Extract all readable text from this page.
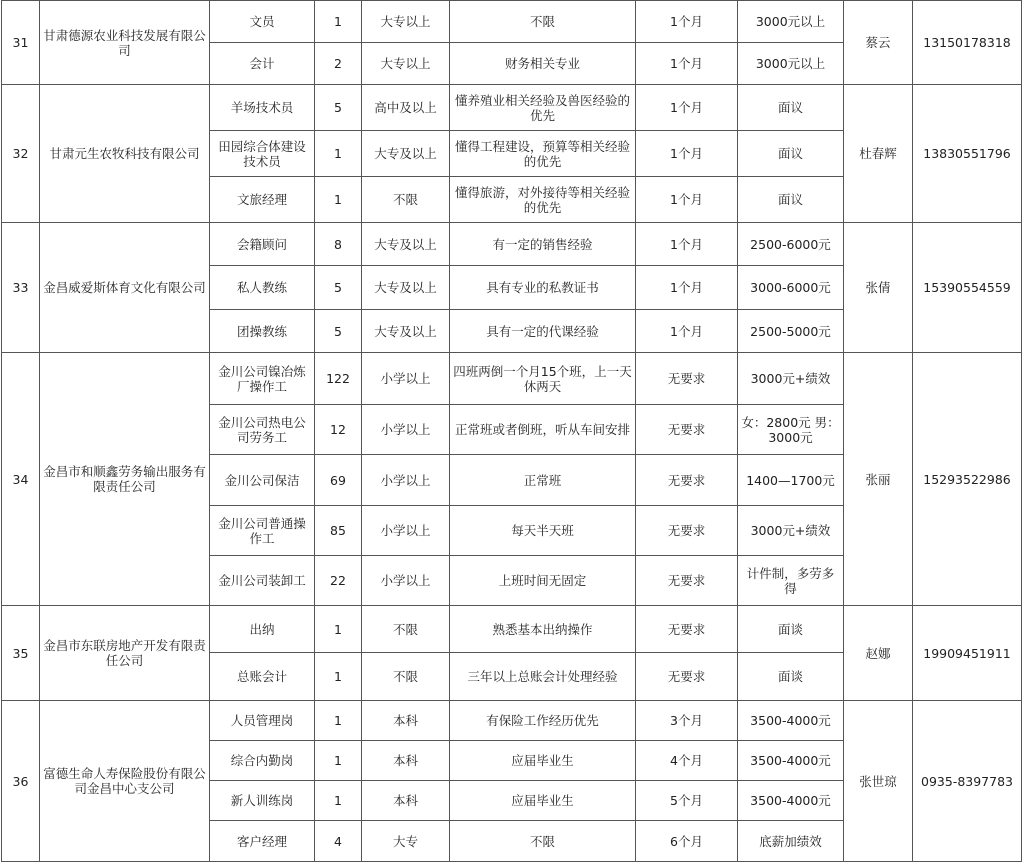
31	甘肃德源农业科技发展有限公司	文员	1	大专以上	不限	1个月	3000元以上	蔡云	13150178318
		会计	2	大专以上	财务相关专业	1个月	3000元以上		
32	甘肃元生农牧科技有限公司	羊场技术员	5	高中及以上	懂养殖业相关经验及兽医经验的优先	1个月	面议	杜春辉	13830551796
		田园综合体建设技术员	1	大专及以上	懂得工程建设，预算等相关经验的优先	1个月	面议		
		文旅经理	1	不限	懂得旅游，对外接待等相关经验的优先	1个月	面议		
33	金昌威爱斯体育文化有限公司	会籍顾问	8	大专及以上	有一定的销售经验	1个月	2500-6000元	张倩	15390554559
		私人教练	5	大专及以上	具有专业的私教证书	1个月	3000-6000元		
		团操教练	5	大专及以上	具有一定的代课经验	1个月	2500-5000元		
34	金昌市和顺鑫劳务输出服务有限责任公司	金川公司镍冶炼厂操作工	122	小学以上	四班两倒一个月15个班，上一天休两天	无要求	3000元+绩效	张丽	15293522986
		金川公司热电公司劳务工	12	小学以上	正常班或者倒班，听从车间安排	无要求	女：2800元 男：3000元		
		金川公司保洁	69	小学以上	正常班	无要求	1400—1700元		
		金川公司普通操作工	85	小学以上	每天半天班	无要求	3000元+绩效		
		金川公司装卸工	22	小学以上	上班时间无固定	无要求	计件制，多劳多得		
35	金昌市东联房地产开发有限责任公司	出纳	1	不限	熟悉基本出纳操作	无要求	面谈	赵娜	19909451911
		总账会计	1	不限	三年以上总账会计处理经验	无要求	面谈		
36	富德生命人寿保险股份有限公司金昌中心支公司	人员管理岗	1	本科	有保险工作经历优先	3个月	3500-4000元	张世琼	0935-8397783
		综合内勤岗	1	本科	应届毕业生	4个月	3500-4000元		
		新人训练岗	1	本科	应届毕业生	5个月	3500-4000元		
		客户经理	4	大专	不限	6个月	底薪加绩效		
